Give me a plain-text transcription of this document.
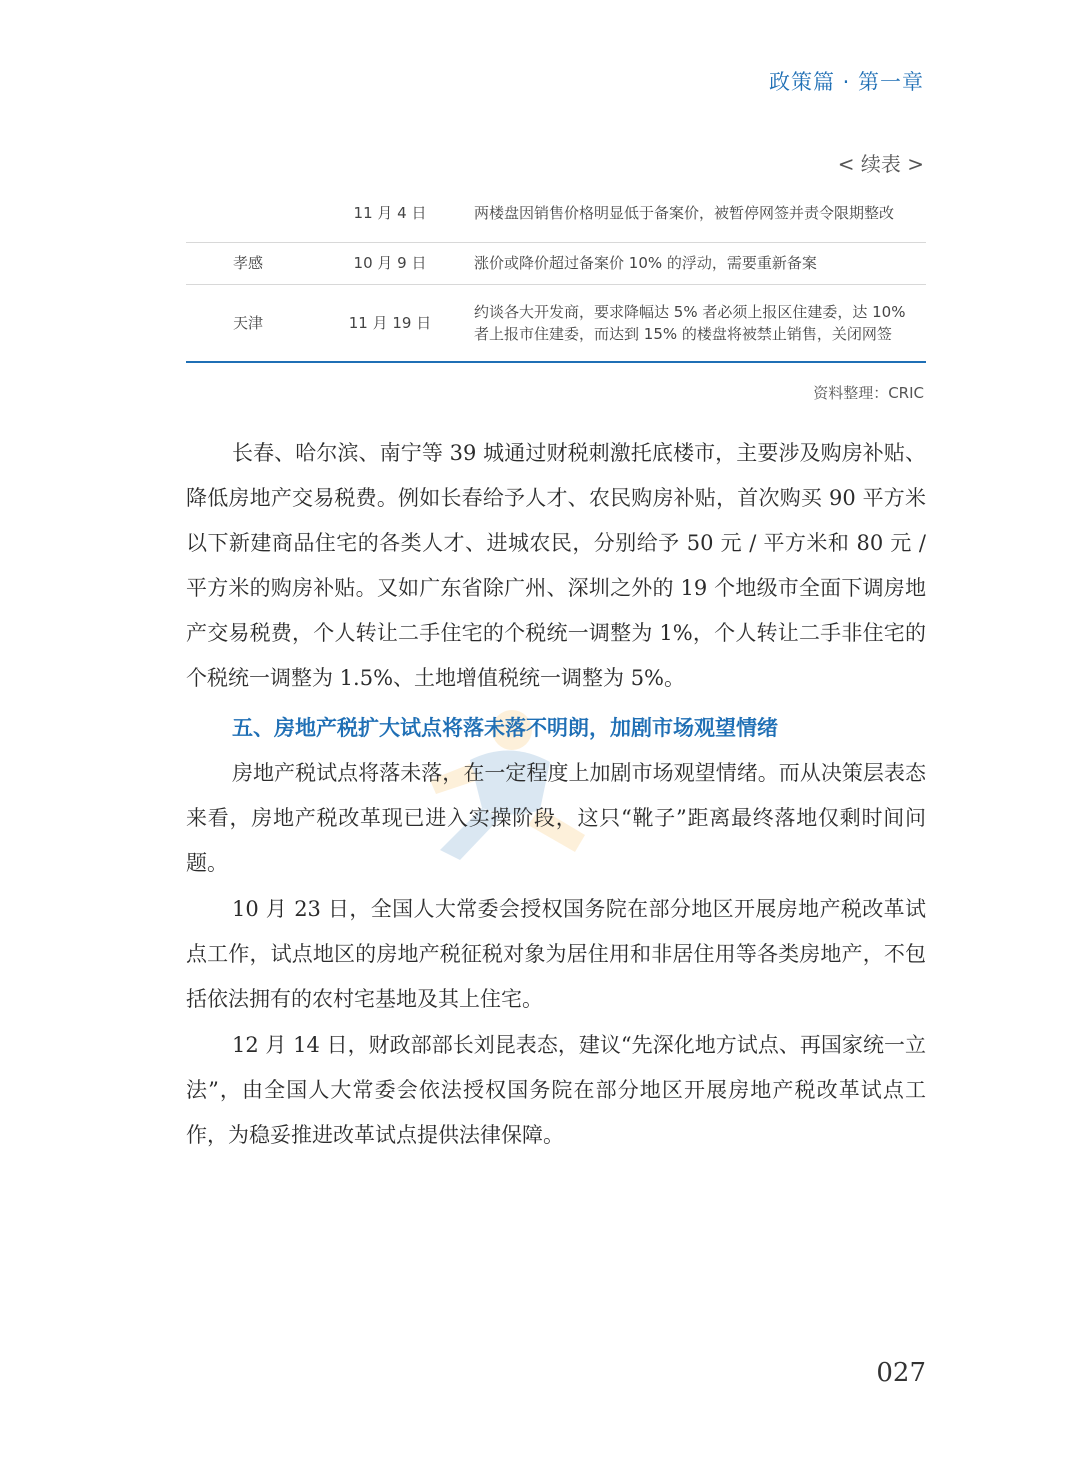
政策篇 · 第一章
< 续表 >
	11 月 4 日	两楼盘因销售价格明显低于备案价，被暂停网签并责令限期整改
孝感	10 月 9 日	涨价或降价超过备案价 10% 的浮动，需要重新备案
天津	11 月 19 日	约谈各大开发商，要求降幅达 5% 者必须上报区住建委，达 10% 者上报市住建委，而达到 15% 的楼盘将被禁止销售，关闭网签
资料整理：CRIC

长春、哈尔滨、南宁等 39 城通过财税刺激托底楼市，主要涉及购房补贴、降低房地产交易税费。例如长春给予人才、农民购房补贴，首次购买 90 平方米以下新建商品住宅的各类人才、进城农民，分别给予 50 元 / 平方米和 80 元 / 平方米的购房补贴。又如广东省除广州、深圳之外的 19 个地级市全面下调房地产交易税费，个人转让二手住宅的个税统一调整为 1%，个人转让二手非住宅的个税统一调整为 1.5%、土地增值税统一调整为 5%。

五、房地产税扩大试点将落未落不明朗，加剧市场观望情绪

房地产税试点将落未落，在一定程度上加剧市场观望情绪。而从决策层表态来看，房地产税改革现已进入实操阶段，这只“靴子”距离最终落地仅剩时间问题。

10 月 23 日，全国人大常委会授权国务院在部分地区开展房地产税改革试点工作，试点地区的房地产税征税对象为居住用和非居住用等各类房地产，不包括依法拥有的农村宅基地及其上住宅。

12 月 14 日，财政部部长刘昆表态，建议“先深化地方试点、再国家统一立法”，由全国人大常委会依法授权国务院在部分地区开展房地产税改革试点工作，为稳妥推进改革试点提供法律保障。

027
